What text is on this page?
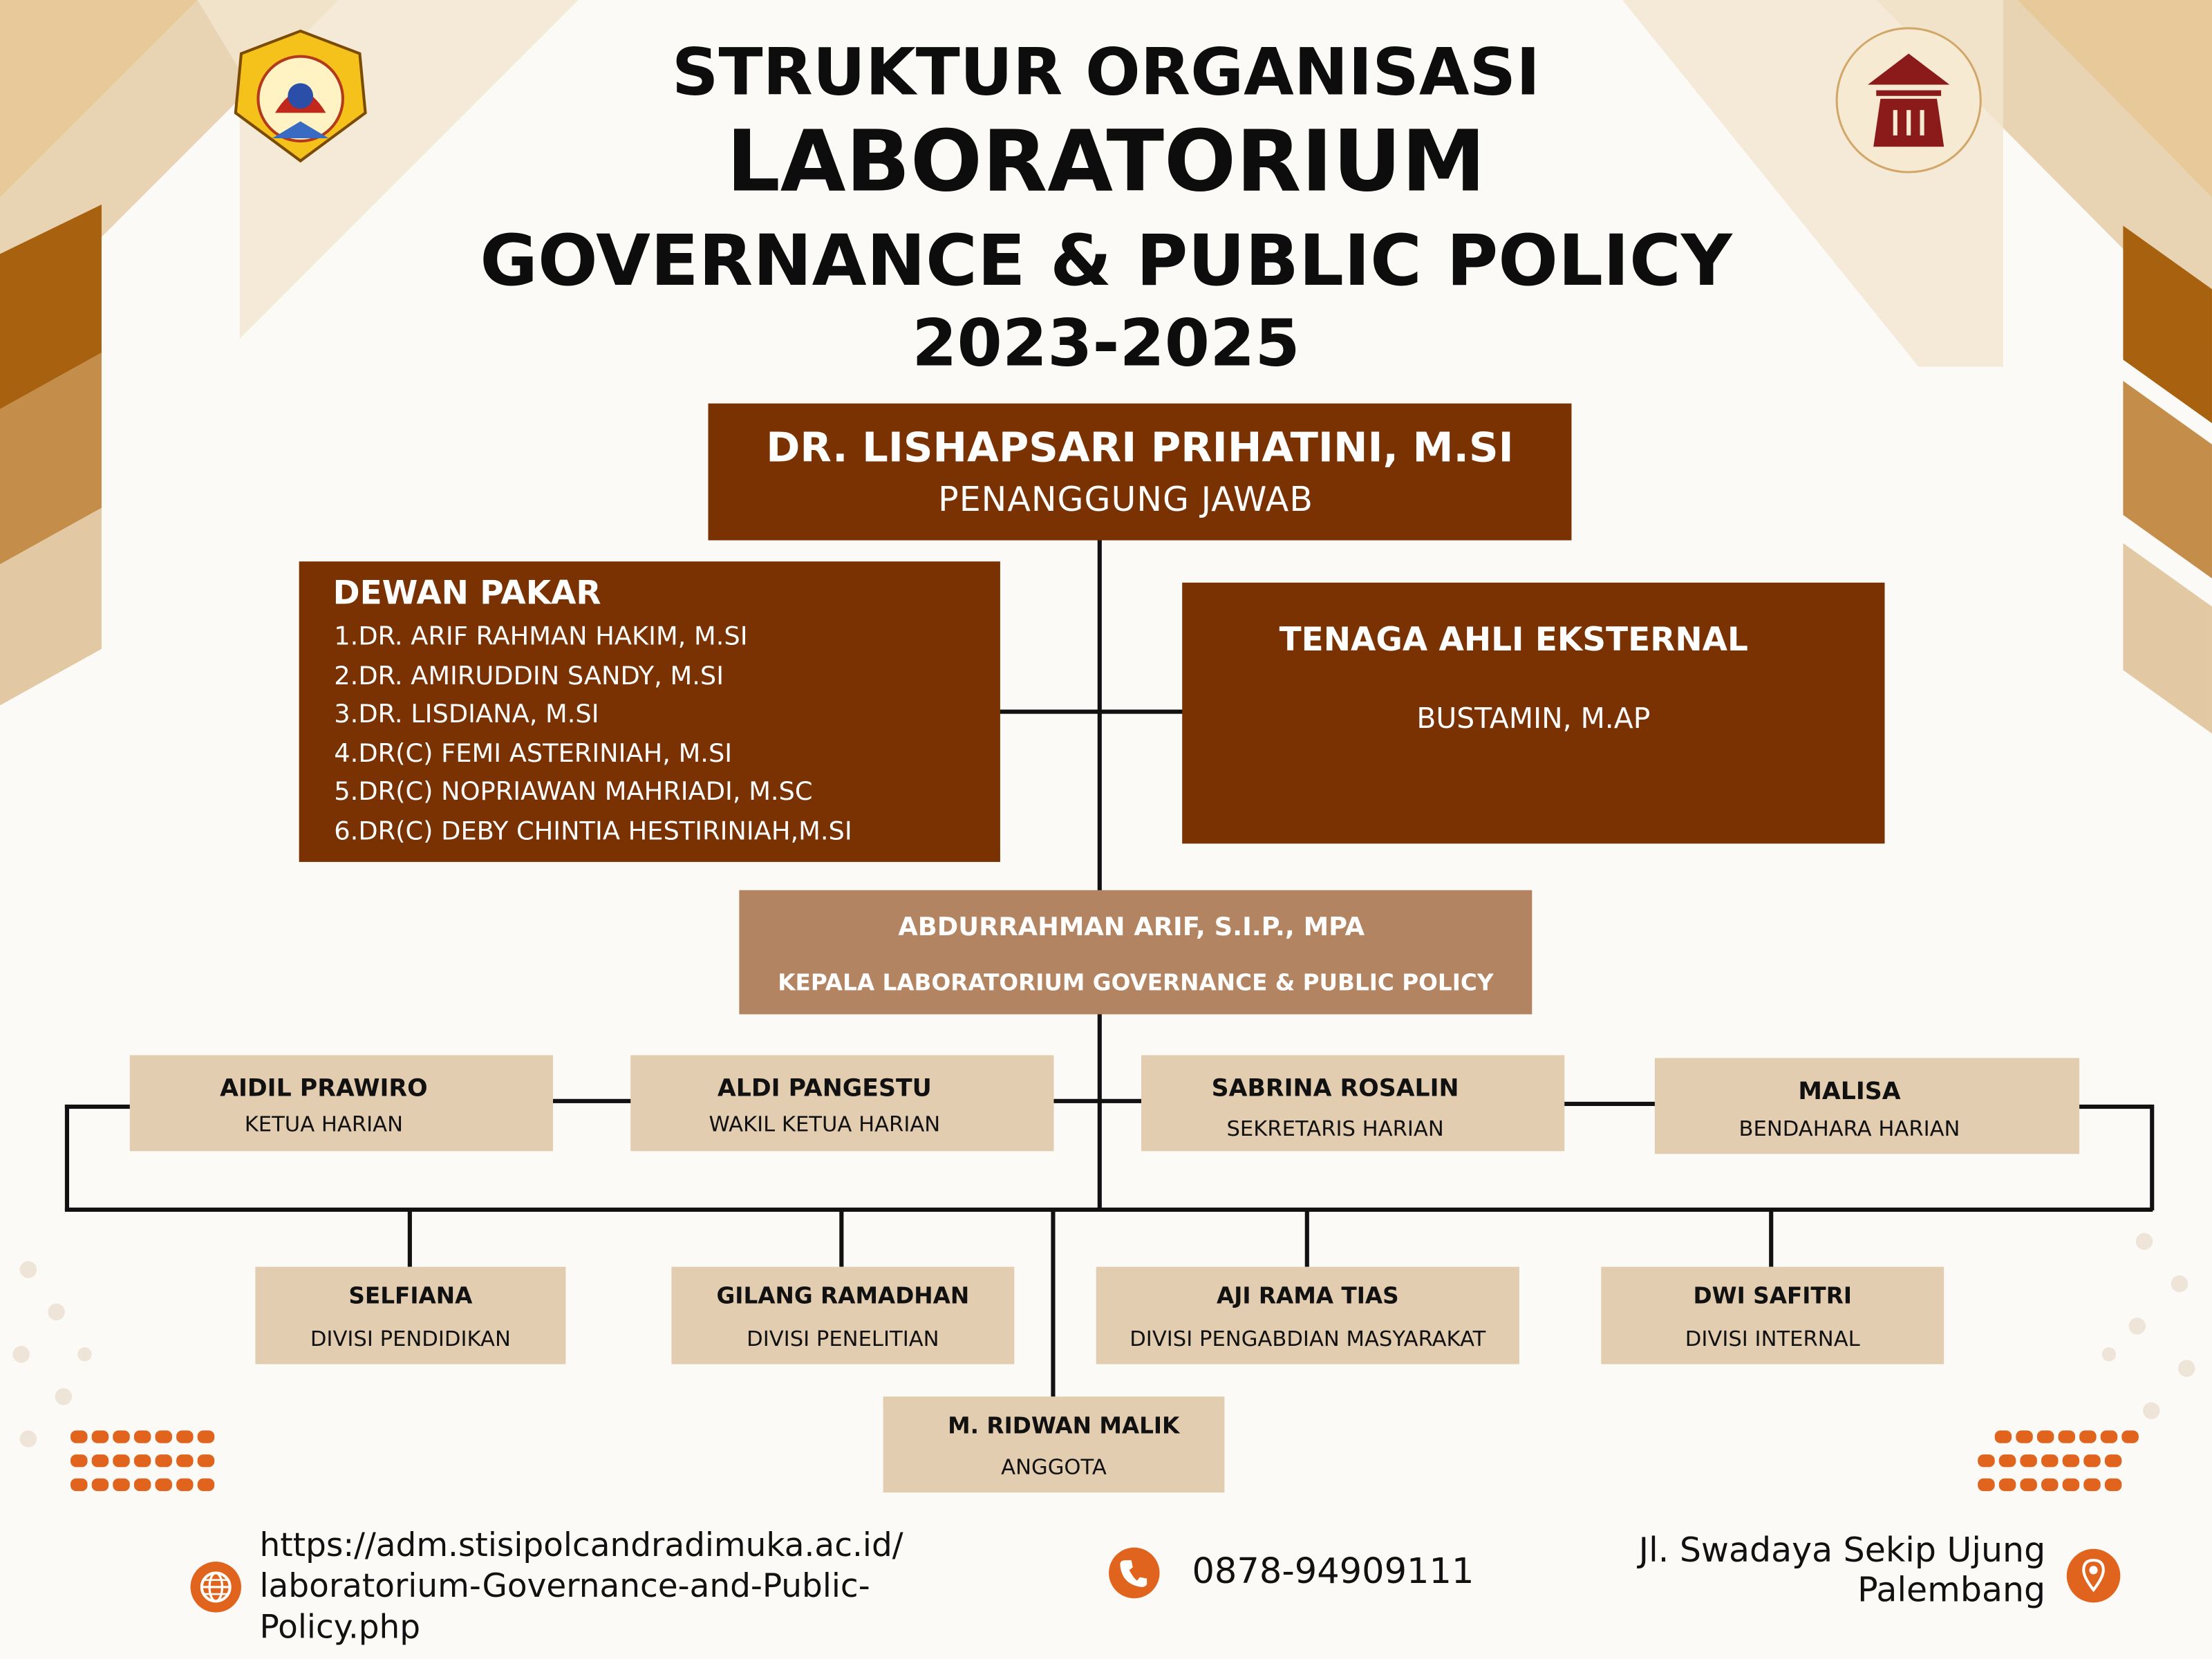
STRUKTUR ORGANISASI
LABORATORIUM
GOVERNANCE & PUBLIC POLICY
2023-2025
DR. LISHAPSARI PRIHATINI, M.SI
PENANGGUNG JAWAB
DEWAN PAKAR
1.DR. ARIF RAHMAN HAKIM, M.SI
2.DR. AMIRUDDIN SANDY, M.SI
3.DR. LISDIANA, M.SI
4.DR(C) FEMI ASTERINIAH, M.SI
5.DR(C) NOPRIAWAN MAHRIADI, M.SC
6.DR(C) DEBY CHINTIA HESTIRINIAH,M.SI
TENAGA AHLI EKSTERNAL
BUSTAMIN, M.AP
ABDURRAHMAN ARIF, S.I.P., MPA
KEPALA LABORATORIUM GOVERNANCE & PUBLIC POLICY
AIDIL PRAWIRO
KETUA HARIAN
ALDI PANGESTU
WAKIL KETUA HARIAN
SABRINA ROSALIN
SEKRETARIS HARIAN
MALISA
BENDAHARA HARIAN
SELFIANA
DIVISI PENDIDIKAN
GILANG RAMADHAN
DIVISI PENELITIAN
AJI RAMA TIAS
DIVISI PENGABDIAN MASYARAKAT
DWI SAFITRI
DIVISI INTERNAL
M. RIDWAN MALIK
ANGGOTA
https://adm.stisipolcandradimuka.ac.id/
laboratorium-Governance-and-Public-
Policy.php
0878-94909111
Jl. Swadaya Sekip Ujung
Palembang
